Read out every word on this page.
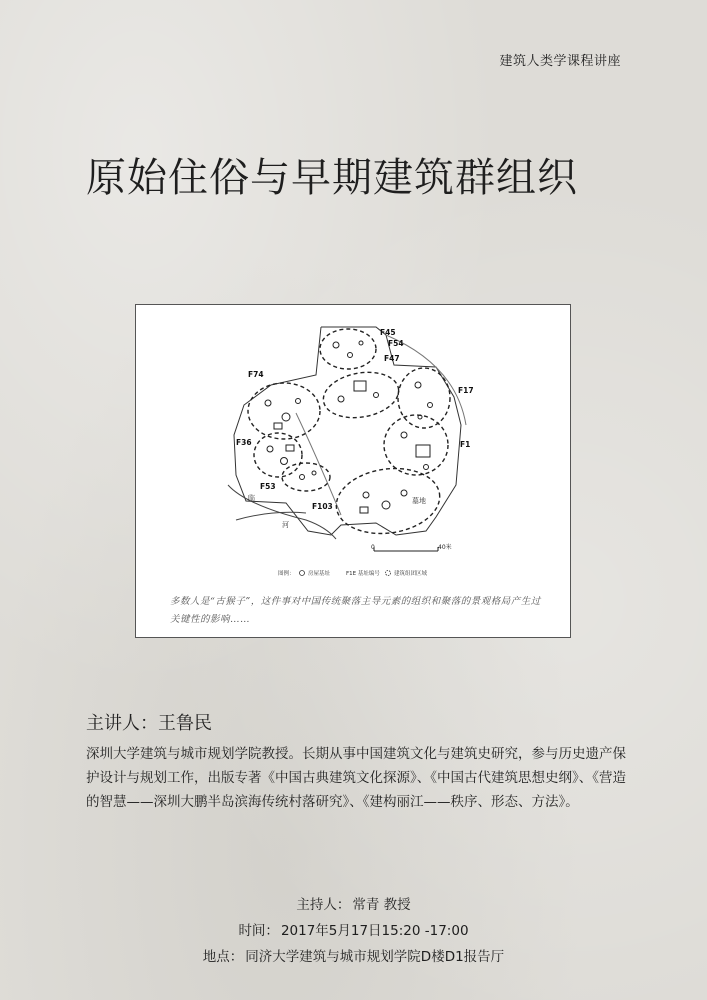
建筑人类学课程讲座
原始住俗与早期建筑群组织
F45
F54
F47
F74
F17
F36	F1
F53
F103
临
河
墓地
0	40米
图例： 房屋基址	F1E 基址编号	建筑组团区域
多数人是“古猴子”，这件事对中国传统聚落主导元素的组织和聚落的景观格局产生过关键性的影响……
主讲人：王鲁民
深圳大学建筑与城市规划学院教授。长期从事中国建筑文化与建筑史研究，参与历史遗产保护设计与规划工作，出版专著《中国古典建筑文化探源》、《中国古代建筑思想史纲》、《营造的智慧——深圳大鹏半岛滨海传统村落研究》、《建构丽江——秩序、形态、方法》。
主持人： 常青 教授
时间： 2017年5月17日15:20 -17:00
地点： 同济大学建筑与城市规划学院D楼D1报告厅
